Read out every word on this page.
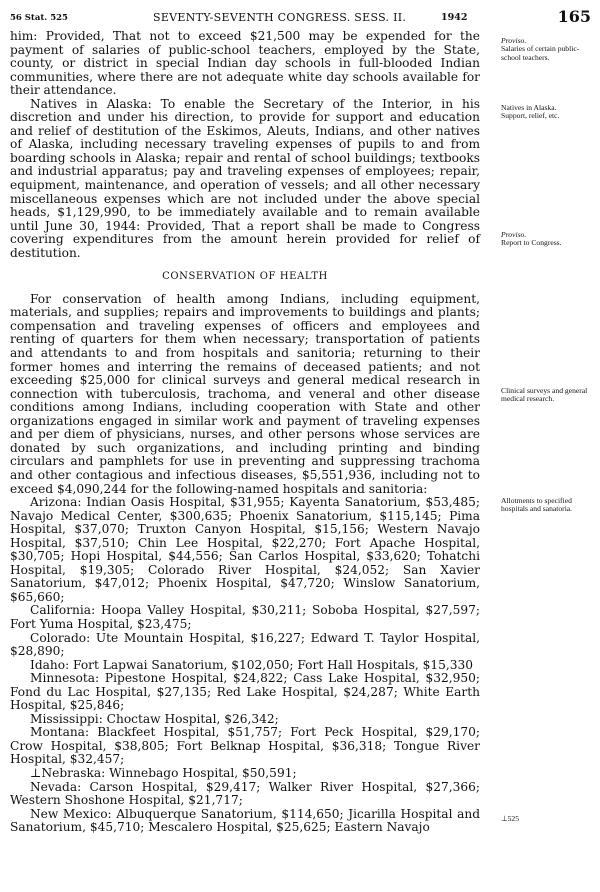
56 Stat. 525	SEVENTY-SEVENTH CONGRESS. SESS. II.	1942	165

him: Provided, That not to exceed $21,500 may be expended for the payment of salaries of public-school teachers, employed by the State, county, or district in special Indian day schools in full-blooded Indian communities, where there are not adequate white day schools available for their attendance.

Natives in Alaska: To enable the Secretary of the Interior, in his discretion and under his direction, to provide for support and education and relief of destitution of the Eskimos, Aleuts, Indians, and other natives of Alaska, including necessary traveling expenses of pupils to and from boarding schools in Alaska; repair and rental of school buildings; textbooks and industrial apparatus; pay and traveling expenses of employees; repair, equipment, maintenance, and operation of vessels; and all other necessary miscellaneous expenses which are not included under the above special heads, $1,129,990, to be immediately available and to remain available until June 30, 1944: Provided, That a report shall be made to Congress covering expenditures from the amount herein provided for relief of destitution.

CONSERVATION OF HEALTH

For conservation of health among Indians, including equipment, materials, and supplies; repairs and improvements to buildings and plants; compensation and traveling expenses of officers and employees and renting of quarters for them when necessary; transportation of patients and attendants to and from hospitals and sanitoria; returning to their former homes and interring the remains of deceased patients; and not exceeding $25,000 for clinical surveys and general medical research in connection with tuberculosis, trachoma, and veneral and other disease conditions among Indians, including cooperation with State and other organizations engaged in similar work and payment of traveling expenses and per diem of physicians, nurses, and other persons whose services are donated by such organizations, and including printing and binding circulars and pamphlets for use in preventing and suppressing trachoma and other contagious and infectious diseases, $5,551,936, including not to exceed $4,090,244 for the following-named hospitals and sanitoria:

Arizona: Indian Oasis Hospital, $31,955; Kayenta Sanatorium, $53,485; Navajo Medical Center, $300,635; Phoenix Sanatorium, $115,145; Pima Hospital, $37,070; Truxton Canyon Hospital, $15,156; Western Navajo Hospital, $37,510; Chin Lee Hospital, $22,270; Fort Apache Hospital, $30,705; Hopi Hospital, $44,556; San Carlos Hospital, $33,620; Tohatchi Hospital, $19,305; Colorado River Hospital, $24,052; San Xavier Sanatorium, $47,012; Phoenix Hospital, $47,720; Winslow Sanatorium, $65,660;

California: Hoopa Valley Hospital, $30,211; Soboba Hospital, $27,597; Fort Yuma Hospital, $23,475;

Colorado: Ute Mountain Hospital, $16,227; Edward T. Taylor Hospital, $28,890;

Idaho: Fort Lapwai Sanatorium, $102,050; Fort Hall Hospitals, $15,330

Minnesota: Pipestone Hospital, $24,822; Cass Lake Hospital, $32,950; Fond du Lac Hospital, $27,135; Red Lake Hospital, $24,287; White Earth Hospital, $25,846;

Mississippi: Choctaw Hospital, $26,342;

Montana: Blackfeet Hospital, $51,757; Fort Peck Hospital, $29,170; Crow Hospital, $38,805; Fort Belknap Hospital, $36,318; Tongue River Hospital, $32,457;

⊥Nebraska: Winnebago Hospital, $50,591;

Nevada: Carson Hospital, $29,417; Walker River Hospital, $27,366; Western Shoshone Hospital, $21,717;

New Mexico: Albuquerque Sanatorium, $114,650; Jicarilla Hospital and Sanatorium, $45,710; Mescalero Hospital, $25,625; Eastern Navajo

Proviso.
Salaries of certain public-school teachers.
Natives in Alaska.
Support, relief, etc.
Proviso.
Report to Congress.
Clinical surveys and general medical research.
Allotments to specified hospitals and sanatoria.
⊥525
